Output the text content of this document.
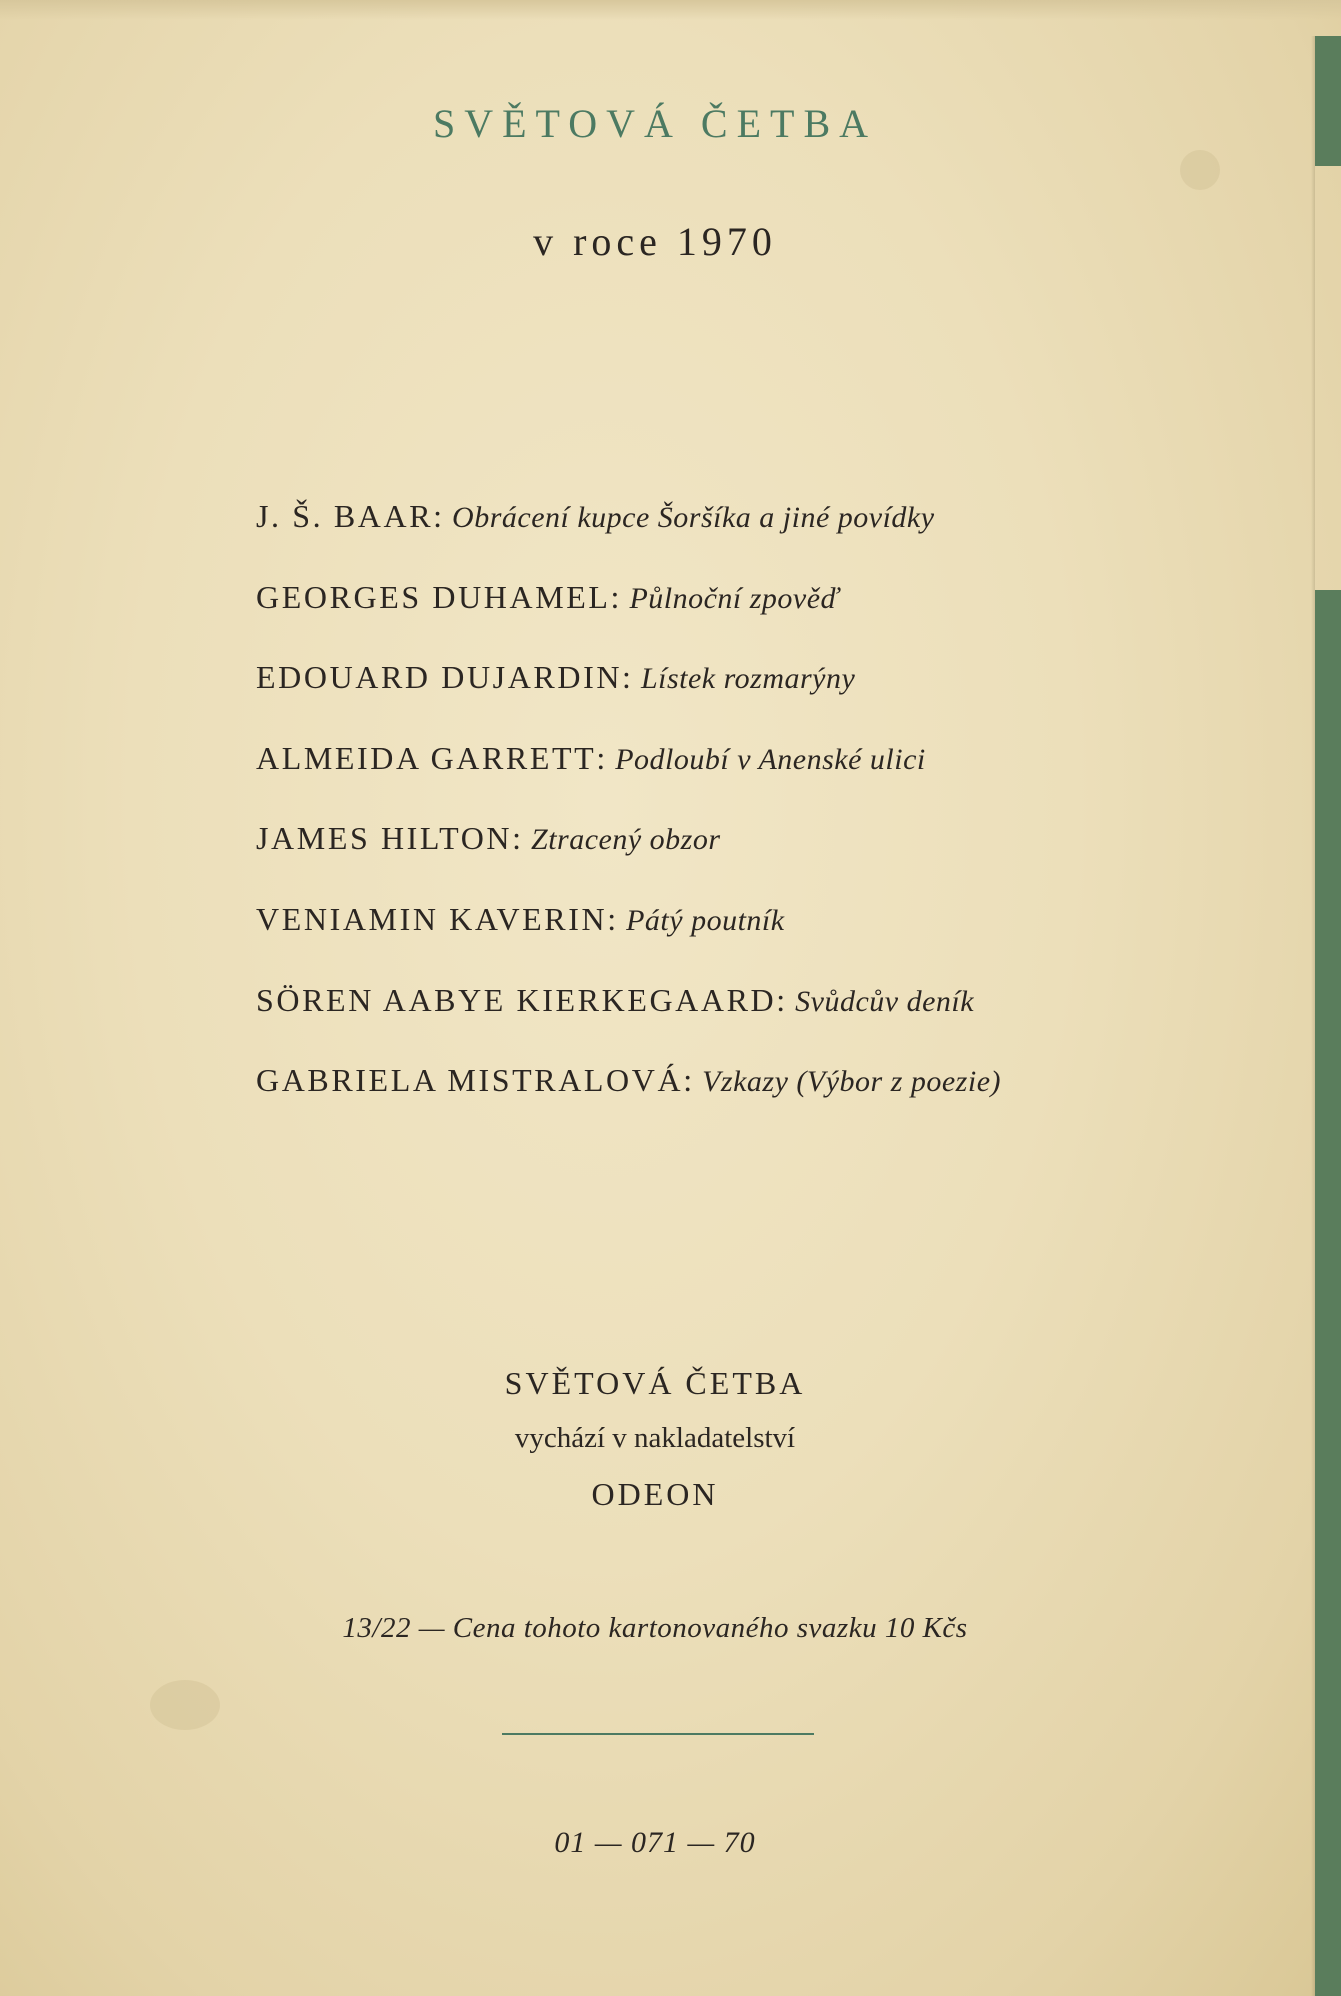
SVĚTOVÁ ČETBA
v roce 1970
J. Š. BAAR: Obrácení kupce Šoršíka a jiné povídky
GEORGES DUHAMEL: Půlnoční zpověď
EDOUARD DUJARDIN: Lístek rozmarýny
ALMEIDA GARRETT: Podloubí v Anenské ulici
JAMES HILTON: Ztracený obzor
VENIAMIN KAVERIN: Pátý poutník
SÖREN AABYE KIERKEGAARD: Svůdcův deník
GABRIELA MISTRALOVÁ: Vzkazy (Výbor z poezie)
SVĚTOVÁ ČETBA
vychází v nakladatelství
ODEON
13/22 — Cena tohoto kartonovaného svazku 10 Kčs
01 — 071 — 70
